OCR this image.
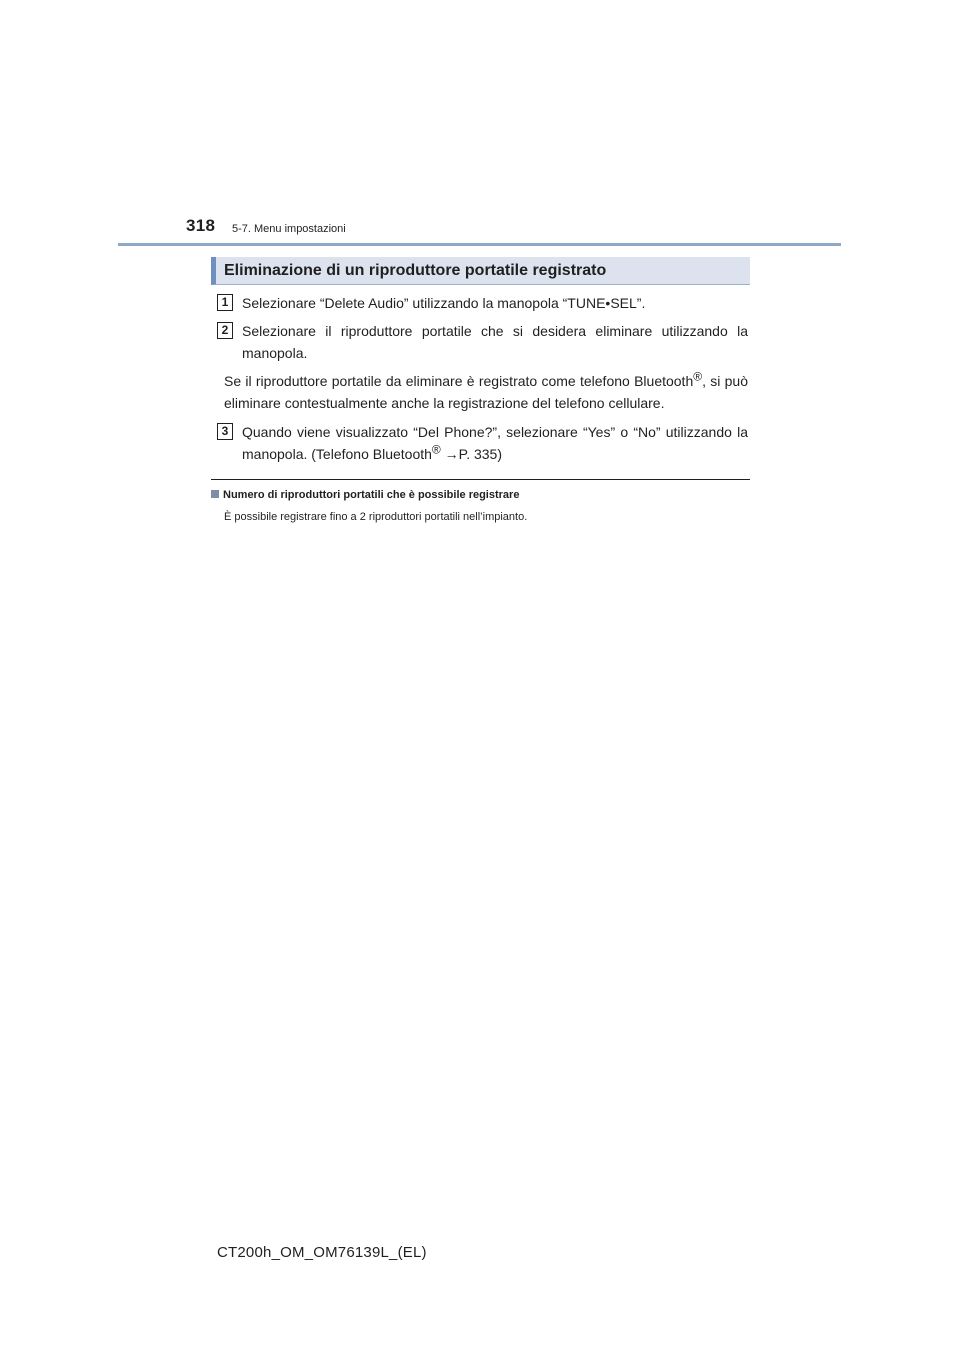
318 5-7. Menu impostazioni
Eliminazione di un riproduttore portatile registrato
1 Selezionare “Delete Audio” utilizzando la manopola “TUNE•SEL”.
2 Selezionare il riproduttore portatile che si desidera eliminare utilizzando la manopola.
Se il riproduttore portatile da eliminare è registrato come telefono Bluetooth®, si può eliminare contestualmente anche la registrazione del telefono cellulare.
3 Quando viene visualizzato “Del Phone?”, selezionare “Yes” o “No” utilizzando la manopola. (Telefono Bluetooth® →P. 335)
Numero di riproduttori portatili che è possibile registrare
È possibile registrare fino a 2 riproduttori portatili nell’impianto.
CT200h_OM_OM76139L_(EL)
